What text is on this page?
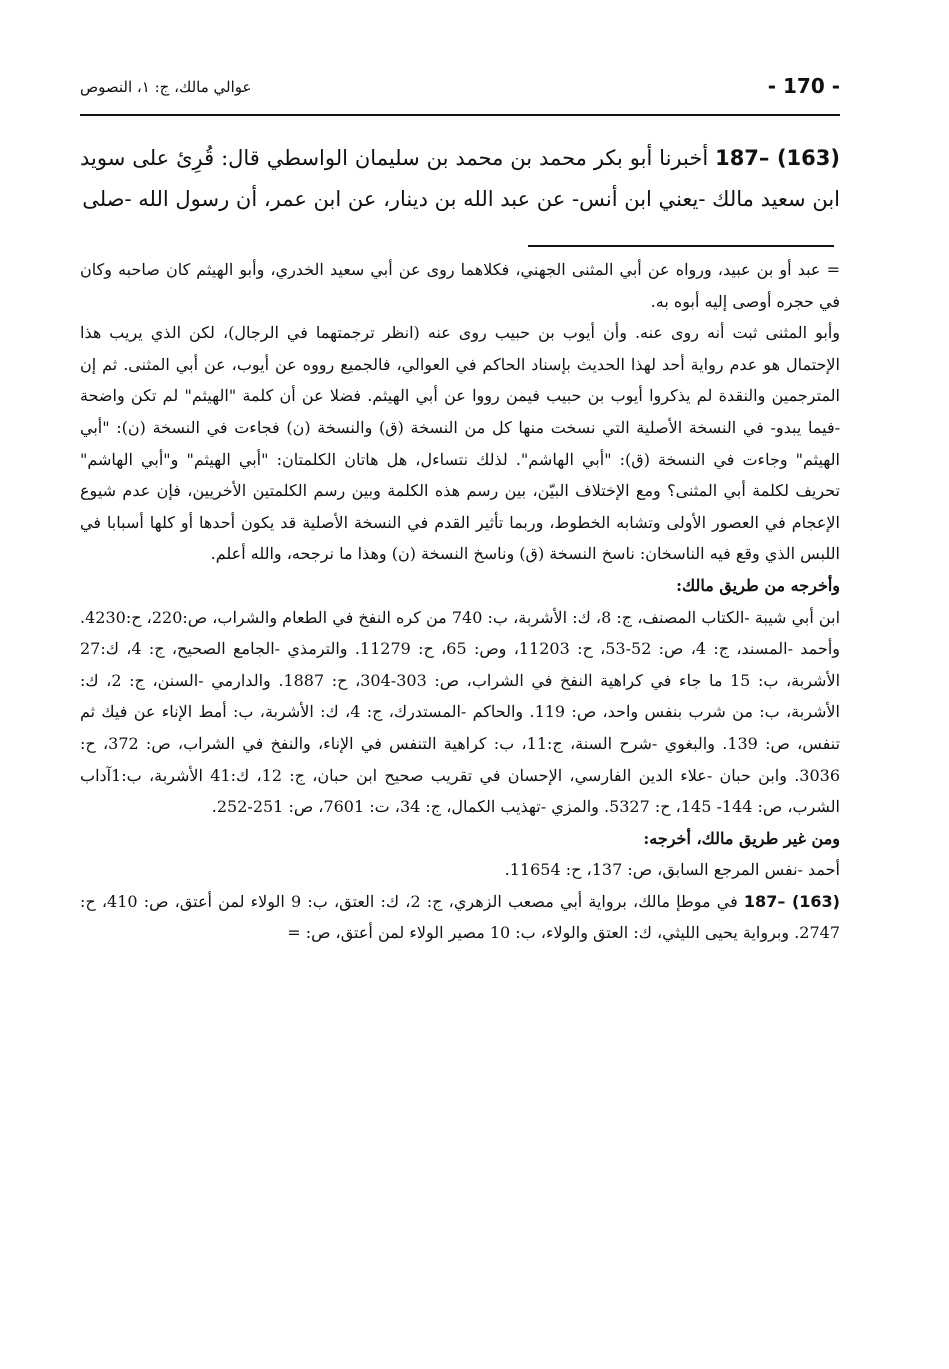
- 170 -
عوالي مالك، ج: ١، النصوص

187– (163) أخبرنا أبو بكر محمد بن محمد بن سليمان الواسطي قال: قُرِئ على سويد ابن سعيد مالك -يعني ابن أنس- عن عبد الله بن دينار، عن ابن عمر، أن رسول الله -صلى

= عبد أو بن عبيد، ورواه عن أبي المثنى الجهني، فكلاهما روى عن أبي سعيد الخدري، وأبو الهيثم كان صاحبه وكان في حجره أوصى إليه أبوه به.

وأبو المثنى ثبت أنه روى عنه. وأن أيوب بن حبيب روى عنه (انظر ترجمتهما في الرجال)، لكن الذي يريب هذا الإحتمال هو عدم رواية أحد لهذا الحديث بإسناد الحاكم في العوالي، فالجميع رووه عن أيوب، عن أبي المثنى. ثم إن المترجمين والنقدة لم يذكروا أيوب بن حبيب فيمن رووا عن أبي الهيثم. فضلا عن أن كلمة "الهيثم" لم تكن واضحة -فيما يبدو- في النسخة الأصلية التي نسخت منها كل من النسخة (ق) والنسخة (ن) فجاءت في النسخة (ن): "أبي الهيثم" وجاءت في النسخة (ق): "أبي الهاشم". لذلك نتساءل، هل هاتان الكلمتان: "أبي الهيثم" و"أبي الهاشم" تحريف لكلمة أبي المثنى؟ ومع الإختلاف البيّن، بين رسم هذه الكلمة وبين رسم الكلمتين الأخريين، فإن عدم شيوع الإعجام في العصور الأولى وتشابه الخطوط، وربما تأثير القدم في النسخة الأصلية قد يكون أحدها أو كلها أسبابا في اللبس الذي وقع فيه الناسخان: ناسخ النسخة (ق) وناسخ النسخة (ن) وهذا ما نرجحه، والله أعلم.

وأخرجه من طريق مالك:

ابن أبي شيبة -الكتاب المصنف، ج: 8، ك: الأشربة، ب: 740 من كره النفخ في الطعام والشراب، ص:220، ح:4230. وأحمد -المسند، ج: 4، ص: 52-53، ح: 11203، وص: 65، ح: 11279. والترمذي -الجامع الصحيح، ج: 4، ك:27 الأشربة، ب: 15 ما جاء في كراهية النفخ في الشراب، ص: 303-304، ح: 1887. والدارمي -السنن، ج: 2، ك: الأشربة، ب: من شرب بنفس واحد، ص: 119. والحاكم -المستدرك، ج: 4، ك: الأشربة، ب: أمط الإناء عن فيك ثم تنفس، ص: 139. والبغوي -شرح السنة، ج:11، ب: كراهية التنفس في الإناء، والنفخ في الشراب، ص: 372، ح: 3036. وابن حبان -علاء الدين الفارسي، الإحسان في تقريب صحيح ابن حبان، ج: 12، ك:41 الأشربة، ب:1آداب الشرب، ص: 144- 145، ح: 5327. والمزي -تهذيب الكمال، ج: 34، ت: 7601، ص: 251-252.

ومن غير طريق مالك، أخرجه:

أحمد -نفس المرجع السابق، ص: 137، ح: 11654.

187– (163) في موطإ مالك، برواية أبي مصعب الزهري، ج: 2، ك: العتق، ب: 9 الولاء لمن أعتق، ص: 410، ح: 2747. وبرواية يحيى الليثي، ك: العتق والولاء، ب: 10 مصير الولاء لمن أعتق، ص: =
